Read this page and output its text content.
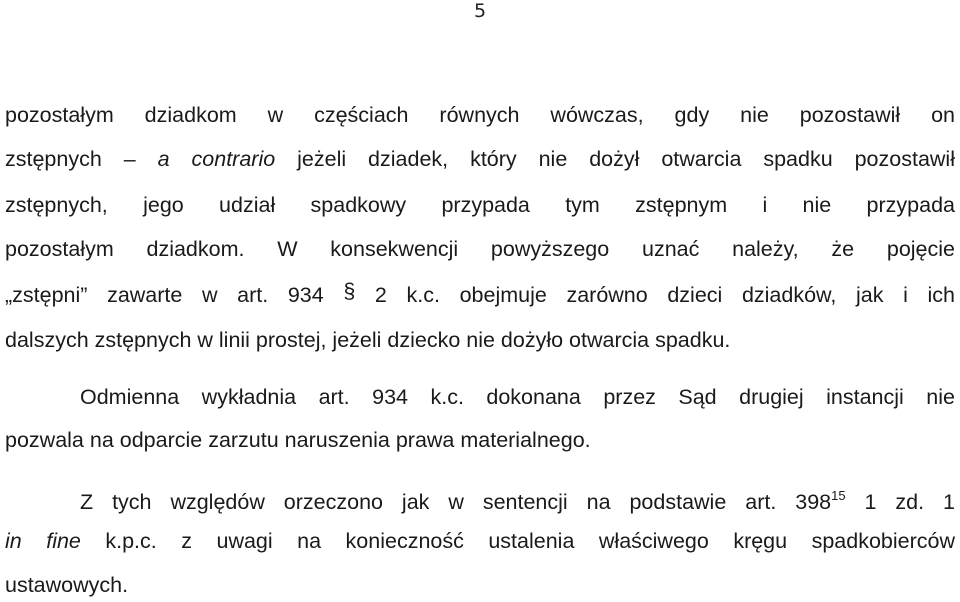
5
pozostałym dziadkom w częściach równych wówczas, gdy nie pozostawił on
zstępnych – a contrario jeżeli dziadek, który nie dożył otwarcia spadku pozostawił
zstępnych, jego udział spadkowy przypada tym zstępnym i nie przypada
pozostałym dziadkom. W konsekwencji powyższego uznać należy, że pojęcie
„zstępni” zawarte w art. 934 § 2 k.c. obejmuje zarówno dzieci dziadków, jak i ich
dalszych zstępnych w linii prostej, jeżeli dziecko nie dożyło otwarcia spadku.
Odmienna wykładnia art. 934 k.c. dokonana przez Sąd drugiej instancji nie
pozwala na odparcie zarzutu naruszenia prawa materialnego.
Z tych względów orzeczono jak w sentencji na podstawie art. $398^{15}$ 1 zd. 1
in fine k.p.c. z uwagi na konieczność ustalenia właściwego kręgu spadkobierców
ustawowych.
